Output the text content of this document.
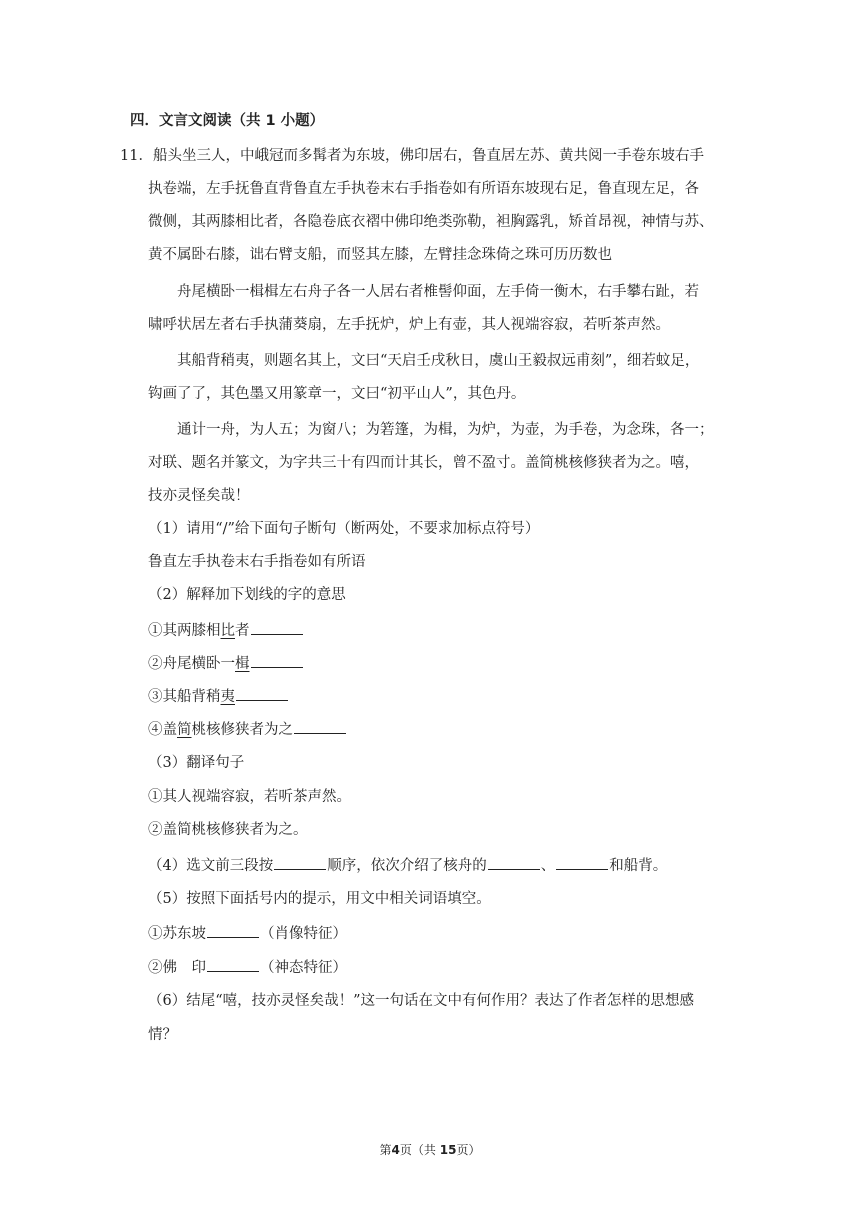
四．文言文阅读（共 1 小题）
11．船头坐三人，中峨冠而多髯者为东坡，佛印居右，鲁直居左苏、黄共阅一手卷东坡右手
执卷端，左手抚鲁直背鲁直左手执卷末右手指卷如有所语东坡现右足，鲁直现左足，各
微侧，其两膝相比者，各隐卷底衣褶中佛印绝类弥勒，袒胸露乳，矫首昂视，神情与苏、
黄不属卧右膝，诎右臂支船，而竖其左膝，左臂挂念珠倚之珠可历历数也
舟尾横卧一楫楫左右舟子各一人居右者椎髻仰面，左手倚一衡木，右手攀右趾，若
啸呼状居左者右手执蒲葵扇，左手抚炉，炉上有壶，其人视端容寂，若听茶声然。
其船背稍夷，则题名其上，文曰“天启壬戌秋日，虞山王毅叔远甫刻”，细若蚊足，
钩画了了，其色墨又用篆章一，文曰“初平山人”，其色丹。
通计一舟，为人五；为窗八；为箬篷，为楫，为炉，为壶，为手卷，为念珠，各一；
对联、题名并篆文，为字共三十有四而计其长，曾不盈寸。盖简桃核修狭者为之。嘻，
技亦灵怪矣哉！
（1）请用“/”给下面句子断句（断两处，不要求加标点符号）
鲁直左手执卷末右手指卷如有所语
（2）解释加下划线的字的意思
①其两膝相比者
②舟尾横卧一楫
③其船背稍夷
④盖简桃核修狭者为之
（3）翻译句子
①其人视端容寂，若听茶声然。
②盖简桃核修狭者为之。
（4）选文前三段按	顺序，依次介绍了核舟的	、	和船背。
（5）按照下面括号内的提示，用文中相关词语填空。
①苏东坡	（肖像特征）
②佛　印	（神态特征）
（6）结尾“嘻，技亦灵怪矣哉！”这一句话在文中有何作用？表达了作者怎样的思想感
情？
第4页（共 15页）
